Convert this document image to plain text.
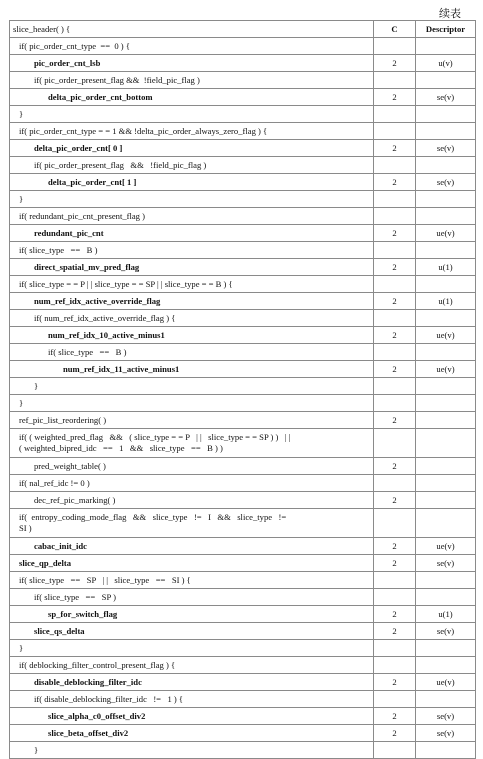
续表
slice_header( ) {	C	Descriptor
if( pic_order_cnt_type  ==  0 ) {		
pic_order_cnt_lsb	2	u(v)
if( pic_order_present_flag &&  !field_pic_flag )		
delta_pic_order_cnt_bottom	2	se(v)
}		
if( pic_order_cnt_type = = 1 && !delta_pic_order_always_zero_flag ) {		
delta_pic_order_cnt[ 0 ]	2	se(v)
if( pic_order_present_flag   &&   !field_pic_flag )		
delta_pic_order_cnt[ 1 ]	2	se(v)
}		
if( redundant_pic_cnt_present_flag )		
redundant_pic_cnt	2	ue(v)
if( slice_type   ==   B )		
direct_spatial_mv_pred_flag	2	u(1)
if( slice_type = = P | | slice_type = = SP | | slice_type = = B ) {		
num_ref_idx_active_override_flag	2	u(1)
if( num_ref_idx_active_override_flag ) {		
num_ref_idx_10_active_minus1	2	ue(v)
if( slice_type   ==   B )		
num_ref_idx_11_active_minus1	2	ue(v)
}		
}		
ref_pic_list_reordering( )	2	
if( ( weighted_pred_flag   &&   ( slice_type = = P   | |   slice_type = = SP ) )   | |
( weighted_bipred_idc   ==   1   &&   slice_type   ==   B ) )		
pred_weight_table( )	2	
if( nal_ref_idc != 0 )		
dec_ref_pic_marking( )	2	
if(  entropy_coding_mode_flag   &&   slice_type   !=   I   &&   slice_type   !=
SI )		
cabac_init_idc	2	ue(v)
slice_qp_delta	2	se(v)
if( slice_type   ==   SP   | |   slice_type   ==   SI ) {		
if( slice_type   ==   SP )		
sp_for_switch_flag	2	u(1)
slice_qs_delta	2	se(v)
}		
if( deblocking_filter_control_present_flag ) {		
disable_deblocking_filter_idc	2	ue(v)
if( disable_deblocking_filter_idc   !=   1 ) {		
slice_alpha_c0_offset_div2	2	se(v)
slice_beta_offset_div2	2	se(v)
}		
